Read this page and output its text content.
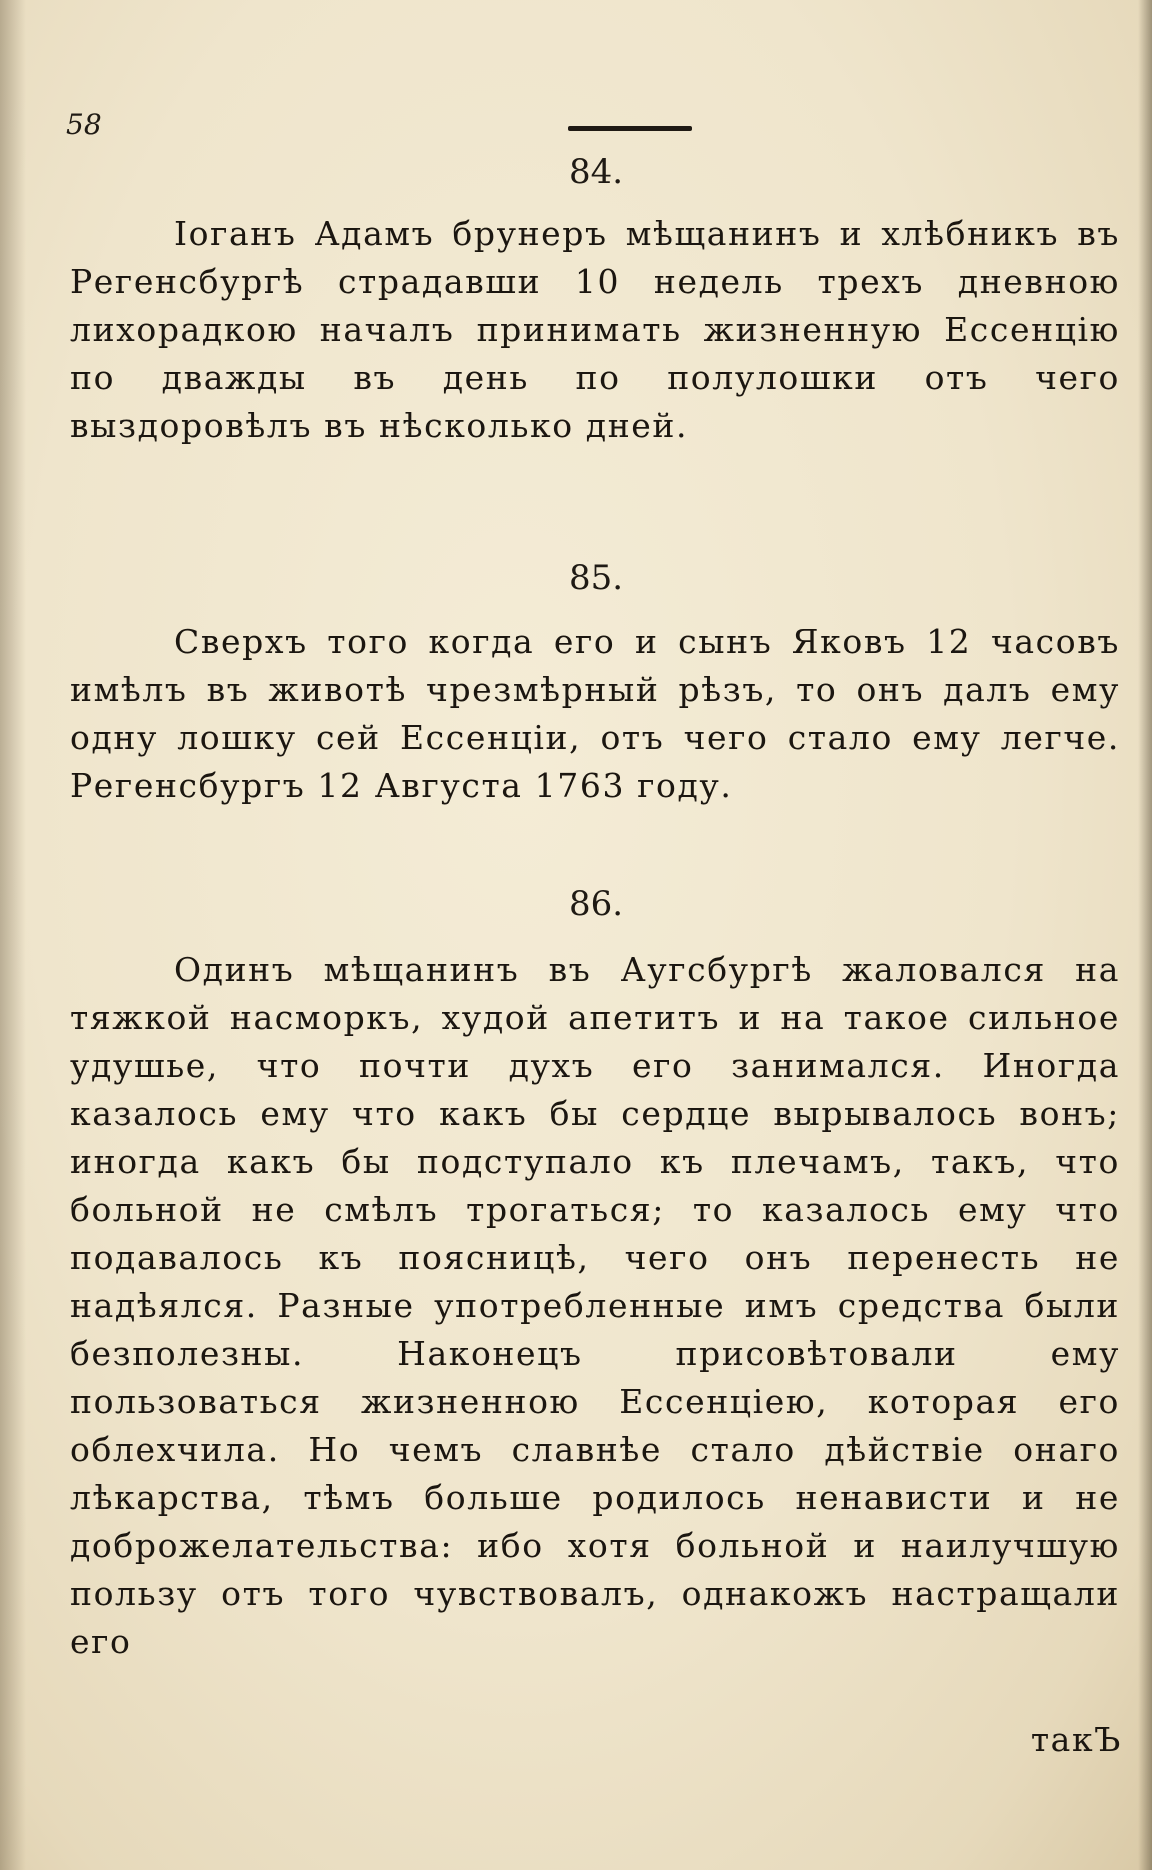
58
84.

Іоганъ Адамъ брунеръ мѣщанинъ и хлѣбникъ въ Регенсбургѣ страдавши 10 недель трехъ дневною лихорадкою началъ принимать жизненную Ессенцію по дважды въ день по полулошки отъ чего выздоровѣлъ въ нѣсколько дней.

85.

Сверхъ того когда его и сынъ Яковъ 12 часовъ имѣлъ въ животѣ чрезмѣрный рѣзъ, то онъ далъ ему одну лошку сей Ессенціи, отъ чего стало ему легче. Регенсбургъ 12 Августа 1763 году.

86.

Одинъ мѣщанинъ въ Аугсбургѣ жаловался на тяжкой насморкъ, худой апетитъ и на такое сильное удушье, что почти духъ его занимался. Иногда казалось ему что какъ бы сердце вырывалось вонъ; иногда какъ бы подступало къ плечамъ, такъ, что больной не смѣлъ трогаться; то казалось ему что подавалось къ поясницѣ, чего онъ перенесть не надѣялся. Разные употребленные имъ средства были безполезны. Наконецъ присовѣтовали ему пользоваться жизненною Ессенціею, которая его облехчила. Но чемъ славнѣе стало дѣйствіе онаго лѣкарства, тѣмъ больше родилось ненависти и не доброжелательства: ибо хотя больной и наилучшую пользу отъ того чувствовалъ, однакожъ настращали его

такЪ
